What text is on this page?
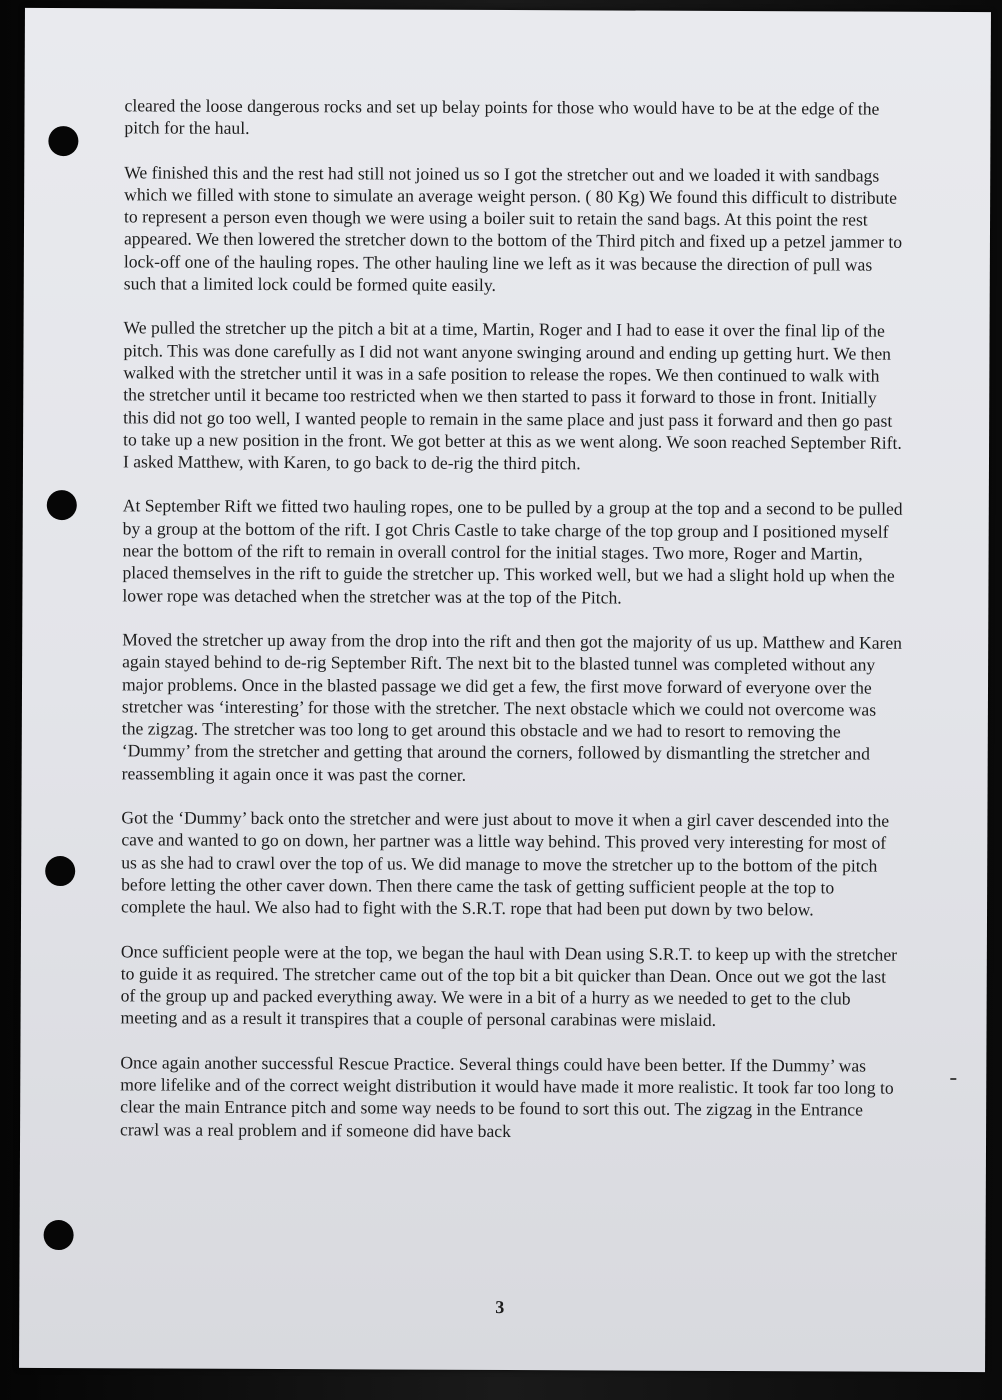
cleared the loose dangerous rocks and set up belay points for those who would have to be at the edge of the pitch for the haul.

We finished this and the rest had still not joined us so I got the stretcher out and we loaded it with sandbags which we filled with stone to simulate an average weight person. ( 80 Kg) We found this difficult to distribute to represent a person even though we were using a boiler suit to retain the sand bags. At this point the rest appeared. We then lowered the stretcher down to the bottom of the Third pitch and fixed up a petzel jammer to lock-off one of the hauling ropes. The other hauling line we left as it was because the direction of pull was such that a limited lock could be formed quite easily.

We pulled the stretcher up the pitch a bit at a time, Martin, Roger and I had to ease it over the final lip of the pitch. This was done carefully as I did not want anyone swinging around and ending up getting hurt. We then walked with the stretcher until it was in a safe position to release the ropes. We then continued to walk with the stretcher until it became too restricted when we then started to pass it forward to those in front. Initially this did not go too well, I wanted people to remain in the same place and just pass it forward and then go past to take up a new position in the front. We got better at this as we went along. We soon reached September Rift. I asked Matthew, with Karen, to go back to de-rig the third pitch.

At September Rift we fitted two hauling ropes, one to be pulled by a group at the top and a second to be pulled by a group at the bottom of the rift. I got Chris Castle to take charge of the top group and I positioned myself near the bottom of the rift to remain in overall control for the initial stages. Two more, Roger and Martin, placed themselves in the rift to guide the stretcher up. This worked well, but we had a slight hold up when the lower rope was detached when the stretcher was at the top of the Pitch.

Moved the stretcher up away from the drop into the rift and then got the majority of us up. Matthew and Karen again stayed behind to de-rig September Rift. The next bit to the blasted tunnel was completed without any major problems. Once in the blasted passage we did get a few, the first move forward of everyone over the stretcher was ‘interesting’ for those with the stretcher. The next obstacle which we could not overcome was the zigzag. The stretcher was too long to get around this obstacle and we had to resort to removing the ‘Dummy’ from the stretcher and getting that around the corners, followed by dismantling the stretcher and reassembling it again once it was past the corner.

Got the ‘Dummy’ back onto the stretcher and were just about to move it when a girl caver descended into the cave and wanted to go on down, her partner was a little way behind. This proved very interesting for most of us as she had to crawl over the top of us. We did manage to move the stretcher up to the bottom of the pitch before letting the other caver down. Then there came the task of getting sufficient people at the top to complete the haul. We also had to fight with the S.R.T. rope that had been put down by two below.

Once sufficient people were at the top, we began the haul with Dean using S.R.T. to keep up with the stretcher to guide it as required. The stretcher came out of the top bit a bit quicker than Dean. Once out we got the last of the group up and packed everything away. We were in a bit of a hurry as we needed to get to the club meeting and as a result it transpires that a couple of personal carabinas were mislaid.

Once again another successful Rescue Practice. Several things could have been better. If the Dummy’ was more lifelike and of the correct weight distribution it would have made it more realistic. It took far too long to clear the main Entrance pitch and some way needs to be found to sort this out. The zigzag in the Entrance crawl was a real problem and if someone did have back

3
